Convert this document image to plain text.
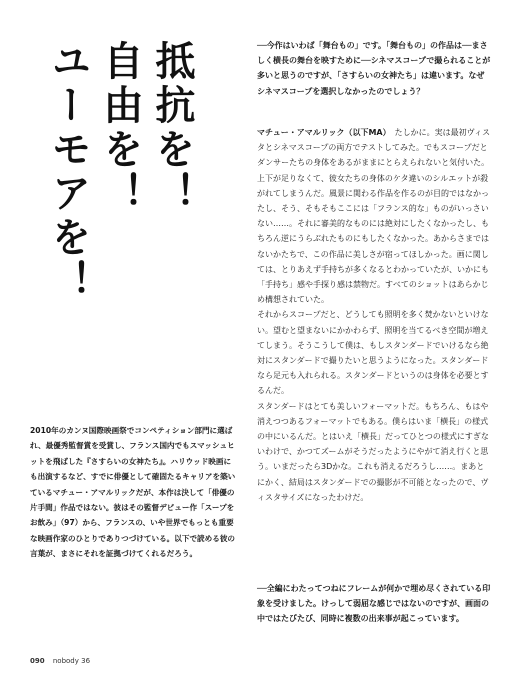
抵抗を！
自由を！
ユーモアを！
2010年のカンヌ国際映画祭でコンペティション部門に選ばれ、最優秀監督賞を受賞し、フランス国内でもスマッシュヒットを飛ばした『さすらいの女神たち』。ハリウッド映画にも出演するなど、すでに俳優として確固たるキャリアを築いているマチュー・アマルリックだが、本作は決して「俳優の片手間」作品ではない。彼はその監督デビュー作「スープをお飲み」（97）から、フランスの、いや世界でもっとも重要な映画作家のひとりでありつづけている。以下で読める彼の言葉が、まさにそれを証拠づけてくれるだろう。

──今作はいわば「舞台もの」です。「舞台もの」の作品は──まさしく横長の舞台を映すために──シネマスコープで撮られることが多いと思うのですが、「さすらいの女神たち」は違います。なぜシネマスコープを選択しなかったのでしょう？

マチュー・アマルリック（以下MA）　 たしかに。実は最初ヴィスタとシネマスコープの両方でテストしてみた。でもスコープだとダンサーたちの身体をあるがままにとらえられないと気付いた。上下が足りなくて、彼女たちの身体のケタ違いのシルエットが殺がれてしまうんだ。風景に関わる作品を作るのが目的ではなかったし、そう、そもそもここには「フランス的な」ものがいっさいない……。それに審美的なものには絶対にしたくなかったし、もちろん逆にうらぶれたものにもしたくなかった。あからさまではないかたちで、この作品に美しさが宿ってほしかった。画に関しては、とりあえず手持ちが多くなるとわかっていたが、いかにも「手持ち」感や手探り感は禁物だ。すべてのショットはあらかじめ構想されていた。

それからスコープだと、どうしても照明を多く焚かないといけない。望むと望まないにかかわらず、照明を当てるべき空間が増えてしまう。そうこうして僕は、もしスタンダードでいけるなら絶対にスタンダードで撮りたいと思うようになった。スタンダードなら足元も入れられる。スタンダードというのは身体を必要とするんだ。

スタンダードはとても美しいフォーマットだ。もちろん、もはや消えつつあるフォーマットでもある。僕らはいま「横長」の様式の中にいるんだ。とはいえ「横長」だってひとつの様式にすぎないわけで、かつてズームがそうだったようにやがて消え行くと思う。いまだったら3Dかな。これも消えるだろうし……。まあとにかく、結局はスタンダードでの撮影が不可能となったので、ヴィスタサイズになったわけだ。

──全編にわたってつねにフレームが何かで埋め尽くされている印象を受けました。けっして弱屈な感じではないのですが、画面の中ではたびたび、同時に複数の出来事が起こっています。

090 nobody 36
